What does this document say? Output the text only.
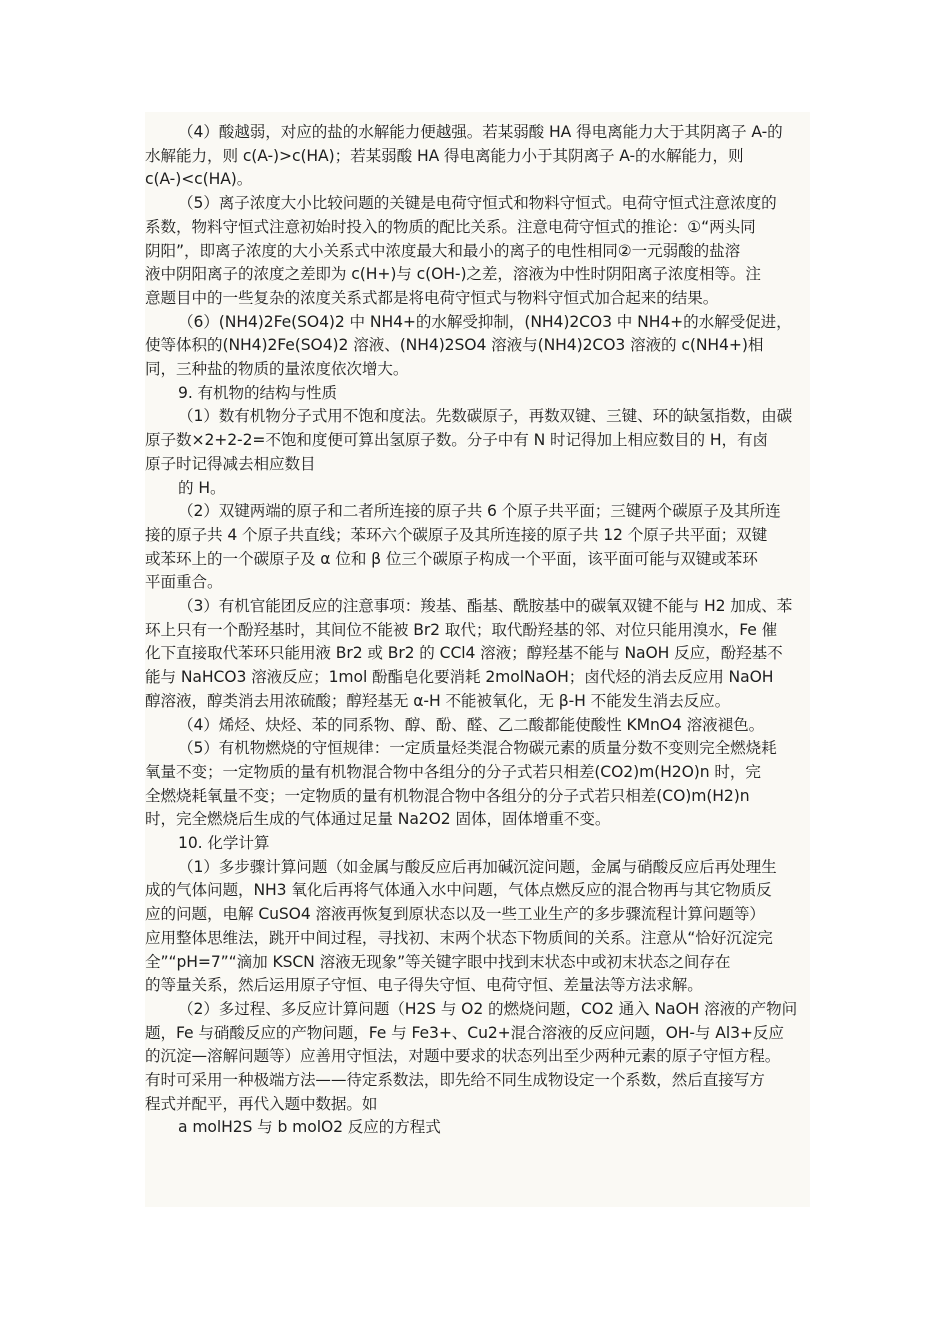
（4）酸越弱，对应的盐的水解能力便越强。若某弱酸 HA 得电离能力大于其阴离子 A-的
水解能力，则 c(A-)>c(HA)；若某弱酸 HA 得电离能力小于其阴离子 A-的水解能力，则
c(A-)<c(HA)。
（5）离子浓度大小比较问题的关键是电荷守恒式和物料守恒式。电荷守恒式注意浓度的
系数，物料守恒式注意初始时投入的物质的配比关系。注意电荷守恒式的推论：①“两头同
阴阳”，即离子浓度的大小关系式中浓度最大和最小的离子的电性相同②一元弱酸的盐溶
液中阴阳离子的浓度之差即为 c(H+)与 c(OH-)之差，溶液为中性时阴阳离子浓度相等。注
意题目中的一些复杂的浓度关系式都是将电荷守恒式与物料守恒式加合起来的结果。
（6）(NH4)2Fe(SO4)2 中 NH4+的水解受抑制，(NH4)2CO3 中 NH4+的水解受促进，
使等体积的(NH4)2Fe(SO4)2 溶液、(NH4)2SO4 溶液与(NH4)2CO3 溶液的 c(NH4+)相
同，三种盐的物质的量浓度依次增大。
9. 有机物的结构与性质
（1）数有机物分子式用不饱和度法。先数碳原子，再数双键、三键、环的缺氢指数，由碳
原子数×2+2-2=不饱和度便可算出氢原子数。分子中有 N 时记得加上相应数目的 H，有卤
原子时记得减去相应数目
的 H。
（2）双键两端的原子和二者所连接的原子共 6 个原子共平面；三键两个碳原子及其所连
接的原子共 4 个原子共直线；苯环六个碳原子及其所连接的原子共 12 个原子共平面；双键
或苯环上的一个碳原子及 α 位和 β 位三个碳原子构成一个平面，该平面可能与双键或苯环
平面重合。
（3）有机官能团反应的注意事项：羧基、酯基、酰胺基中的碳氧双键不能与 H2 加成、苯
环上只有一个酚羟基时，其间位不能被 Br2 取代；取代酚羟基的邻、对位只能用溴水，Fe 催
化下直接取代苯环只能用液 Br2 或 Br2 的 CCl4 溶液；醇羟基不能与 NaOH 反应，酚羟基不
能与 NaHCO3 溶液反应；1mol 酚酯皂化要消耗 2molNaOH；卤代烃的消去反应用 NaOH
醇溶液，醇类消去用浓硫酸；醇羟基无 α-H 不能被氧化，无 β-H 不能发生消去反应。
（4）烯烃、炔烃、苯的同系物、醇、酚、醛、乙二酸都能使酸性 KMnO4 溶液褪色。
（5）有机物燃烧的守恒规律：一定质量烃类混合物碳元素的质量分数不变则完全燃烧耗
氧量不变；一定物质的量有机物混合物中各组分的分子式若只相差(CO2)m(H2O)n 时，完
全燃烧耗氧量不变；一定物质的量有机物混合物中各组分的分子式若只相差(CO)m(H2)n
时，完全燃烧后生成的气体通过足量 Na2O2 固体，固体增重不变。
10. 化学计算
（1）多步骤计算问题（如金属与酸反应后再加碱沉淀问题，金属与硝酸反应后再处理生
成的气体问题，NH3 氧化后再将气体通入水中问题，气体点燃反应的混合物再与其它物质反
应的问题，电解 CuSO4 溶液再恢复到原状态以及一些工业生产的多步骤流程计算问题等）
应用整体思维法，跳开中间过程，寻找初、末两个状态下物质间的关系。注意从“恰好沉淀完
全”“pH=7”“滴加 KSCN 溶液无现象”等关键字眼中找到末状态中或初末状态之间存在
的等量关系，然后运用原子守恒、电子得失守恒、电荷守恒、差量法等方法求解。
（2）多过程、多反应计算问题（H2S 与 O2 的燃烧问题，CO2 通入 NaOH 溶液的产物问
题，Fe 与硝酸反应的产物问题，Fe 与 Fe3+、Cu2+混合溶液的反应问题，OH-与 Al3+反应
的沉淀—溶解问题等）应善用守恒法，对题中要求的状态列出至少两种元素的原子守恒方程。
有时可采用一种极端方法——待定系数法，即先给不同生成物设定一个系数，然后直接写方
程式并配平，再代入题中数据。如
a molH2S 与 b molO2 反应的方程式
